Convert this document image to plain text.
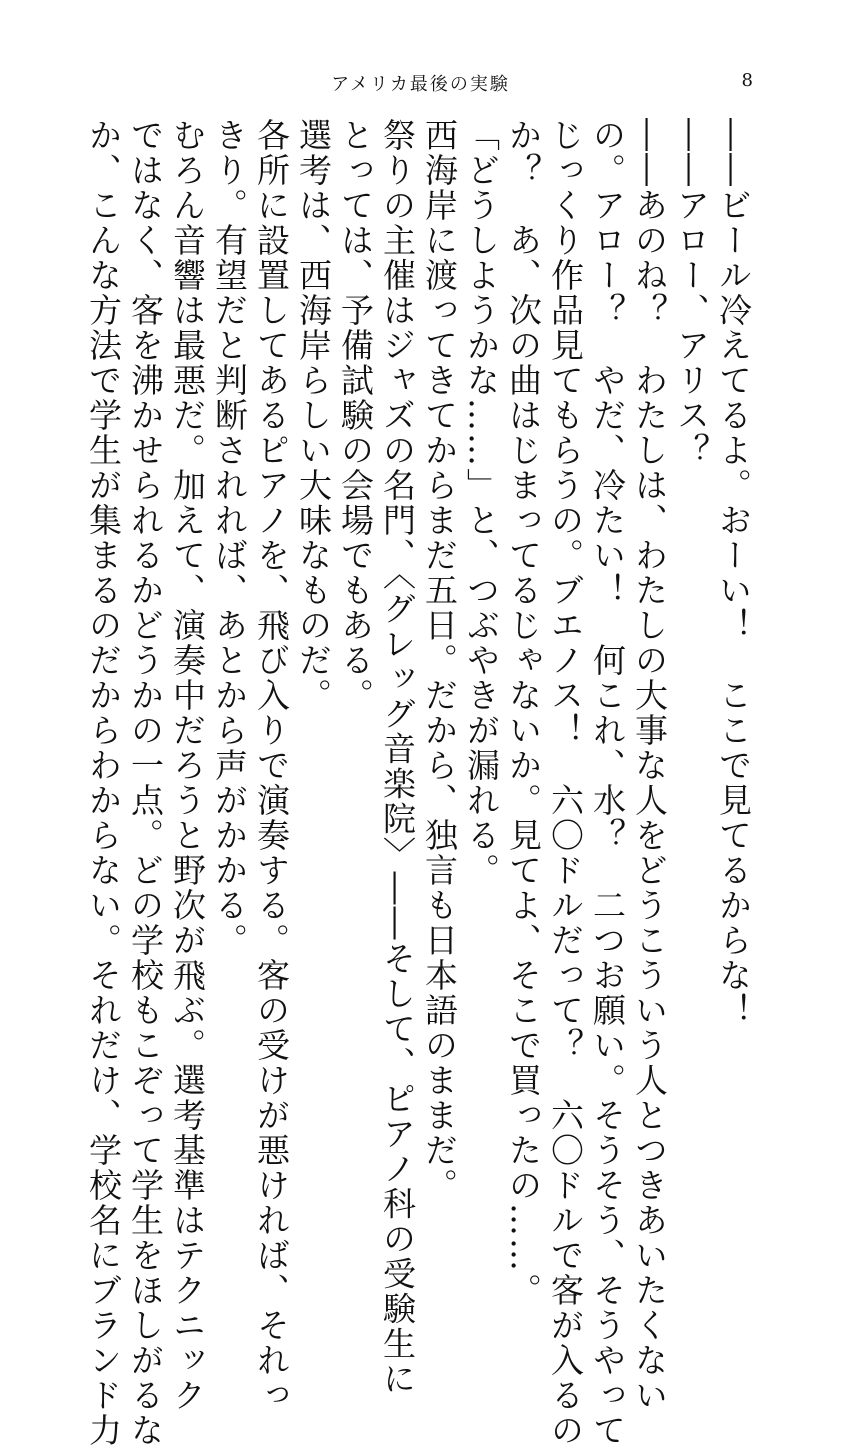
アメリカ最後の実験	8

――ビール冷えてるよ。おーい！　ここで見てるからな！

――アロー、アリス？

――あのね？　わたしは、わたしの大事な人をどうこういう人とつきあいたくない

の。アロー？　やだ、冷たい！　何これ、水？　二つお願い。そうそう、そうやって

じっくり作品見てもらうの。ブエノス！　六〇ドルだって？　六〇ドルで客が入るの

か？　あ、次の曲はじまってるじゃないか。見てよ、そこで買ったの……。

「どうしようかな……」と、つぶやきが漏れる。

西海岸に渡ってきてからまだ五日。だから、独言も日本語のままだ。

祭りの主催はジャズの名門、〈グレッグ音楽院〉――そして、ピアノ科の受験生に

とっては、予備試験の会場でもある。

選考は、西海岸らしい大味なものだ。

各所に設置してあるピアノを、飛び入りで演奏する。客の受けが悪ければ、それっ

きり。有望だと判断されれば、あとから声がかかる。

むろん音響は最悪だ。加えて、演奏中だろうと野次が飛ぶ。選考基準はテクニック

ではなく、客を沸かせられるかどうかの一点。どの学校もこぞって学生をほしがるな

か、こんな方法で学生が集まるのだからわからない。それだけ、学校名にブランド力
